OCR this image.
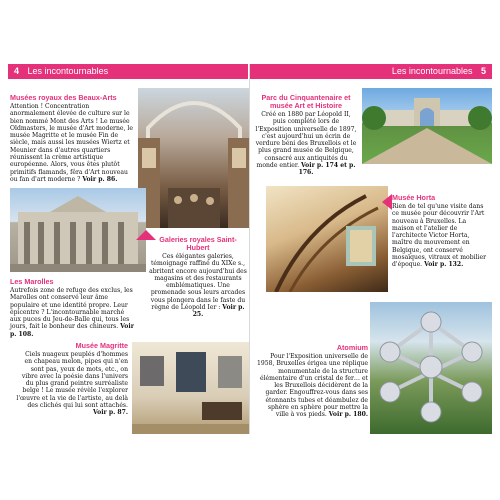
4 Les incontournables
Musées royaux des Beaux-Arts
Attention ! Concentration anormalement élevée de culture sur le bien nommé Mont des Arts ! Le musée Oldmasters, le musée d'Art moderne, le musée Magritte et le musée Fin de siècle, mais aussi les musées Wiertz et Meunier dans d'autres quartiers réunissent la crème artistique européenne. Alors, vous êtes plutôt primitifs flamands, fêra d'Art nouveau ou fan d'art moderne ? Voir p. 86.
Galeries royales Saint-Hubert
Ces élégantes galeries, témoignage raffiné du XIXe s., abritent encore aujourd'hui des magasins et des restaurants emblématiques. Une promenade sous leurs arcades vous plongera dans le faste du règne de Léopold Ier : Voir p. 25.
Les Marolles
Autrefois zone de refuge des exclus, les Marolles ont conservé leur âme populaire et une identité propre. Leur épicentre ? L'incontournable marché aux puces du Jeu-de-Balle qui, tous les jours, fait le bonheur des chineurs. Voir p. 108.
Musée Magritte
Ciels nuageux peuplés d'hommes en chapeau melon, pipes qui n'en sont pas, yeux de mots, etc., on vibre avec la poésie dans l'univers du plus grand peintre surréaliste belge ! Le musée révèle l'explorer l'œuvre et la vie de l'artiste, au delà des clichés qui lui sont attachés. Voir p. 87.
Les incontournables 5
Parc du Cinquantenaire et musée Art et Histoire
Créé en 1880 par Léopold II, puis complété lors de l'Exposition universelle de 1897, c'est aujourd'hui un écrin de verdure béni des Bruxellois et le plus grand musée de Belgique, consacré aux antiquités du monde entier. Voir p. 174 et p. 176.
Musée Horta
Rien de tel qu'une visite dans ce musée pour découvrir l'Art nouveau à Bruxelles. La maison et l'atelier de l'architecte Victor Horta, maître du mouvement en Belgique, ont conservé mosaïques, vitraux et mobilier d'époque. Voir p. 132.
Atomium
Pour l'Exposition universelle de 1958, Bruxelles érigea une réplique monumentale de la structure élémentaire d'un cristal de fer… et les Bruxellois décidèrent de la garder. Engouffrez-vous dans ses étonnants tubes et déambulez de sphère en sphère pour mettre la ville à vos pieds. Voir p. 180.
